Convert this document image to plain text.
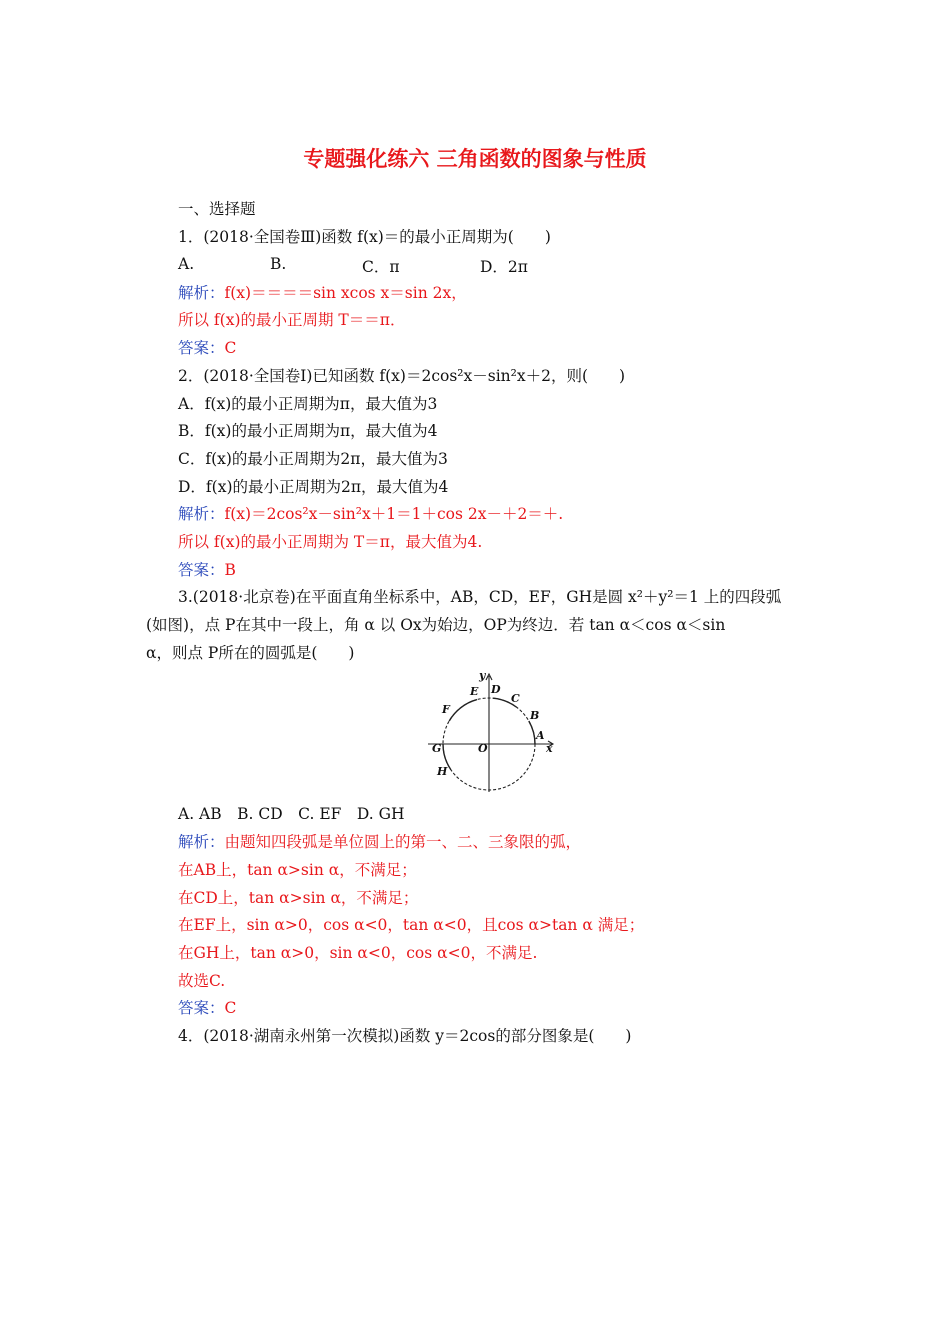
专题强化练六 三角函数的图象与性质
一、选择题
1．(2018·全国卷Ⅲ)函数 f(x)＝的最小正周期为(　　)
A.	B.	C．π	D．2π
解析：f(x)＝＝＝＝sin xcos x＝sin 2x，
所以 f(x)的最小正周期 T＝＝π．
答案：C
2．(2018·全国卷Ⅰ)已知函数 f(x)＝2cos²x－sin²x＋2，则(　　)
A．f(x)的最小正周期为π，最大值为3
B．f(x)的最小正周期为π，最大值为4
C．f(x)的最小正周期为2π，最大值为3
D．f(x)的最小正周期为2π，最大值为4
解析：f(x)＝2cos²x－sin²x＋1＝1＋cos 2x－＋2＝＋.
所以 f(x)的最小正周期为 T＝π，最大值为4.
答案：B
3.(2018·北京卷)在平面直角坐标系中，AB，CD，EF，GH是圆 x²＋y²＝1 上的四段弧
(如图)，点 P在其中一段上，角 α 以 Ox为始边，OP为终边．若 tan α＜cos α＜sin
α，则点 P所在的圆弧是(　　)
y
E D
C
F	B
A
x
G	O
H
A. AB　B. CD　C. EF　D. GH
解析：由题知四段弧是单位圆上的第一、二、三象限的弧，
在AB上，tan α>sin α，不满足；
在CD上，tan α>sin α，不满足；
在EF上，sin α>0，cos α<0，tan α<0，且cos α>tan α 满足；
在GH上，tan α>0，sin α<0，cos α<0，不满足.
故选C.
答案：C
4．(2018·湖南永州第一次模拟)函数 y＝2cos的部分图象是(　　)
